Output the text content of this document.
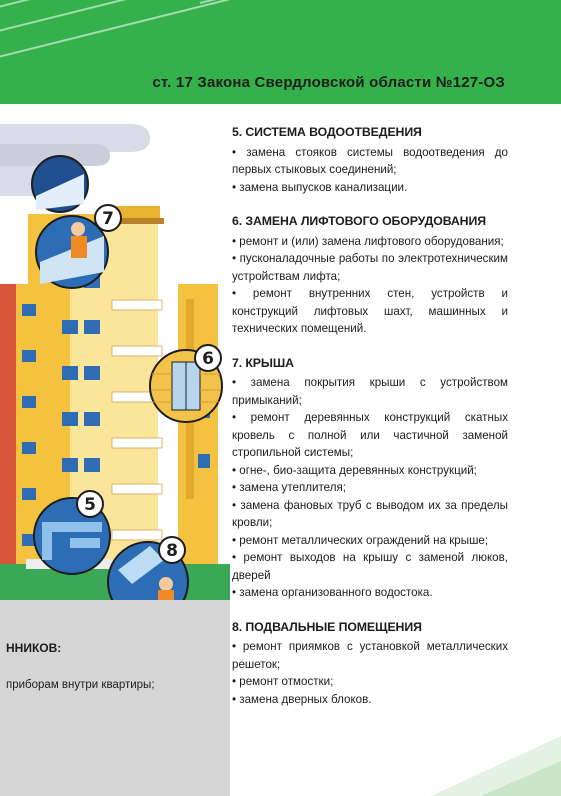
ст. 17 Закона Свердловской области №127-ОЗ
7
6
5
8
ННИКОВ:
приборам внутри квартиры;
5. СИСТЕМА ВОДООТВЕДЕНИЯ
• замена стояков системы водоотведения до первых стыковых соединений;
• замена выпусков канализации.
6. ЗАМЕНА ЛИФТОВОГО ОБОРУДОВАНИЯ
• ремонт и (или) замена лифтового оборудования;
• пусконаладочные работы по электротехническим устройствам лифта;
• ремонт внутренних стен, устройств и конструкций лифтовых шахт, машинных и технических помещений.
7. КРЫША
• замена покрытия крыши с устройством примыканий;
• ремонт деревянных конструкций скатных кровель с полной или частичной заменой стропильной системы;
• огне-, био-защита деревянных конструкций;
• замена утеплителя;
• замена фановых труб с выводом их за пределы кровли;
• ремонт металлических ограждений на крыше;
• ремонт выходов на крышу с заменой люков, дверей
• замена организованного водостока.
8. ПОДВАЛЬНЫЕ ПОМЕЩЕНИЯ
• ремонт приямков с установкой металлических решеток;
• ремонт отмостки;
• замена дверных блоков.
